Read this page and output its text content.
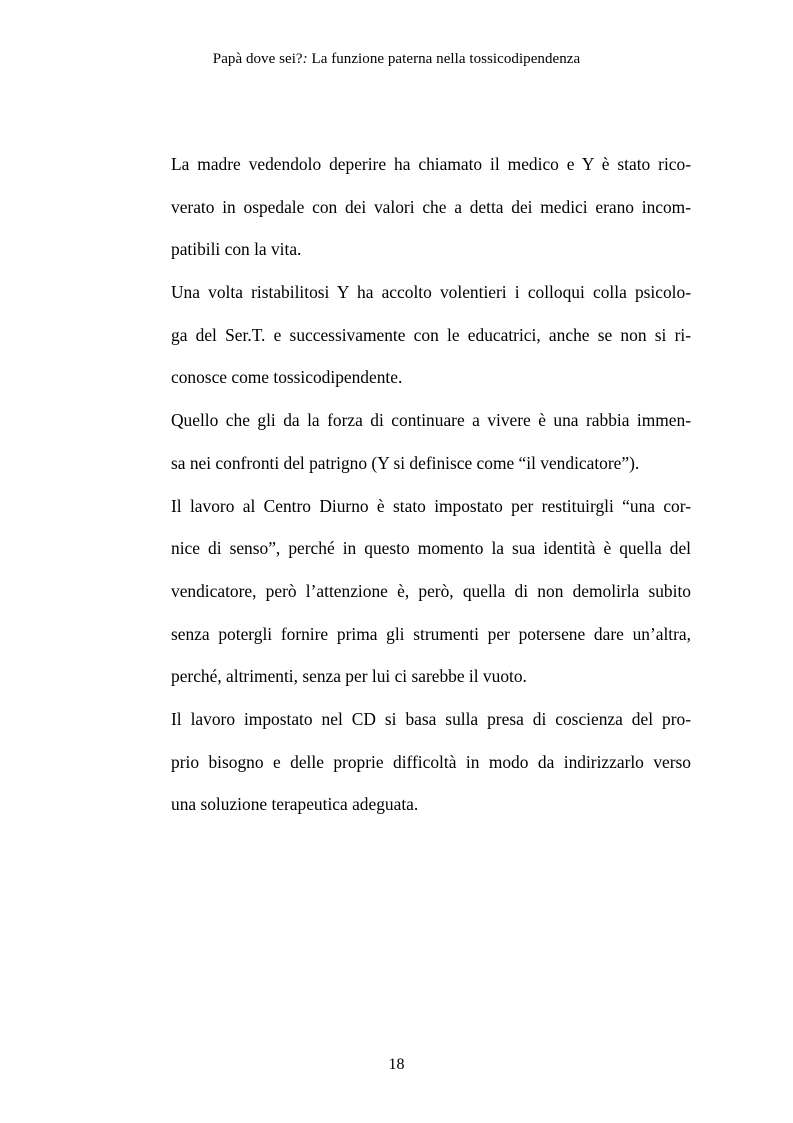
Papà dove sei?: La funzione paterna nella tossicodipendenza
La madre vedendolo deperire ha chiamato il medico e Y è stato rico-
verato in ospedale con dei valori che a detta dei medici erano incom-
patibili con la vita.
Una volta ristabilitosi Y ha accolto volentieri i colloqui colla psicolo-
ga del Ser.T. e successivamente con le educatrici, anche se non si ri-
conosce come tossicodipendente.
Quello che gli da la forza di continuare a vivere è una rabbia immen-
sa nei confronti del patrigno (Y si definisce come “il vendicatore”).
Il lavoro al Centro Diurno è stato impostato per restituirgli “una cor-
nice di senso”, perché in questo momento la sua identità è quella del
vendicatore, però l’attenzione è, però, quella di non demolirla subito
senza potergli fornire prima gli strumenti per potersene dare un’altra,
perché, altrimenti, senza per lui ci sarebbe il vuoto.
Il lavoro impostato nel CD si basa sulla presa di coscienza del pro-
prio bisogno e delle proprie difficoltà in modo da indirizzarlo verso
una soluzione terapeutica adeguata.
18
